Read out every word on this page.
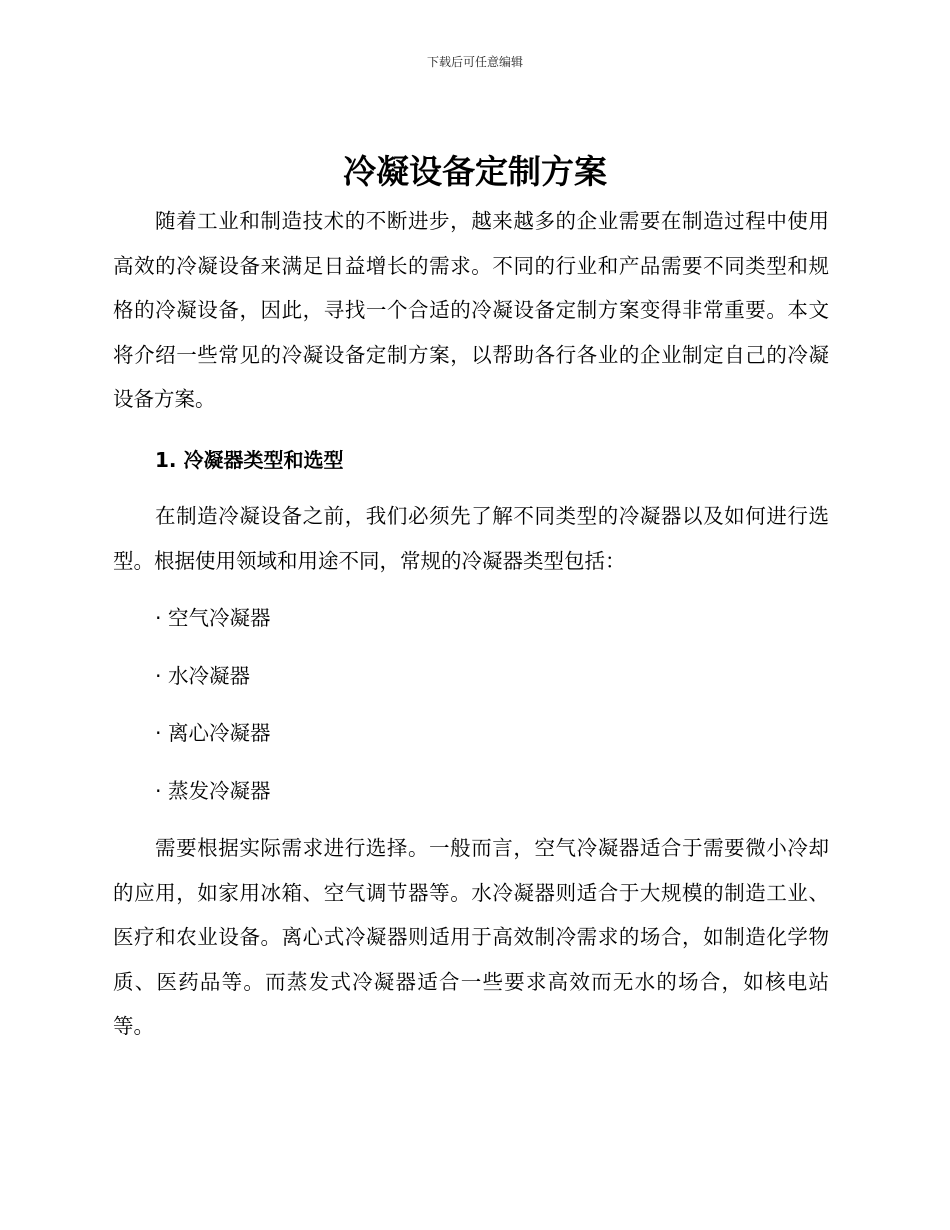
下载后可任意编辑
冷凝设备定制方案

随着工业和制造技术的不断进步，越来越多的企业需要在制造过程中使用高效的冷凝设备来满足日益增长的需求。不同的行业和产品需要不同类型和规格的冷凝设备，因此，寻找一个合适的冷凝设备定制方案变得非常重要。本文将介绍一些常见的冷凝设备定制方案，以帮助各行各业的企业制定自己的冷凝设备方案。

1. 冷凝器类型和选型

在制造冷凝设备之前，我们必须先了解不同类型的冷凝器以及如何进行选型。根据使用领域和用途不同，常规的冷凝器类型包括：

· 空气冷凝器
· 水冷凝器
· 离心冷凝器
· 蒸发冷凝器

需要根据实际需求进行选择。一般而言，空气冷凝器适合于需要微小冷却的应用，如家用冰箱、空气调节器等。水冷凝器则适合于大规模的制造工业、医疗和农业设备。离心式冷凝器则适用于高效制冷需求的场合，如制造化学物质、医药品等。而蒸发式冷凝器适合一些要求高效而无水的场合，如核电站等。
